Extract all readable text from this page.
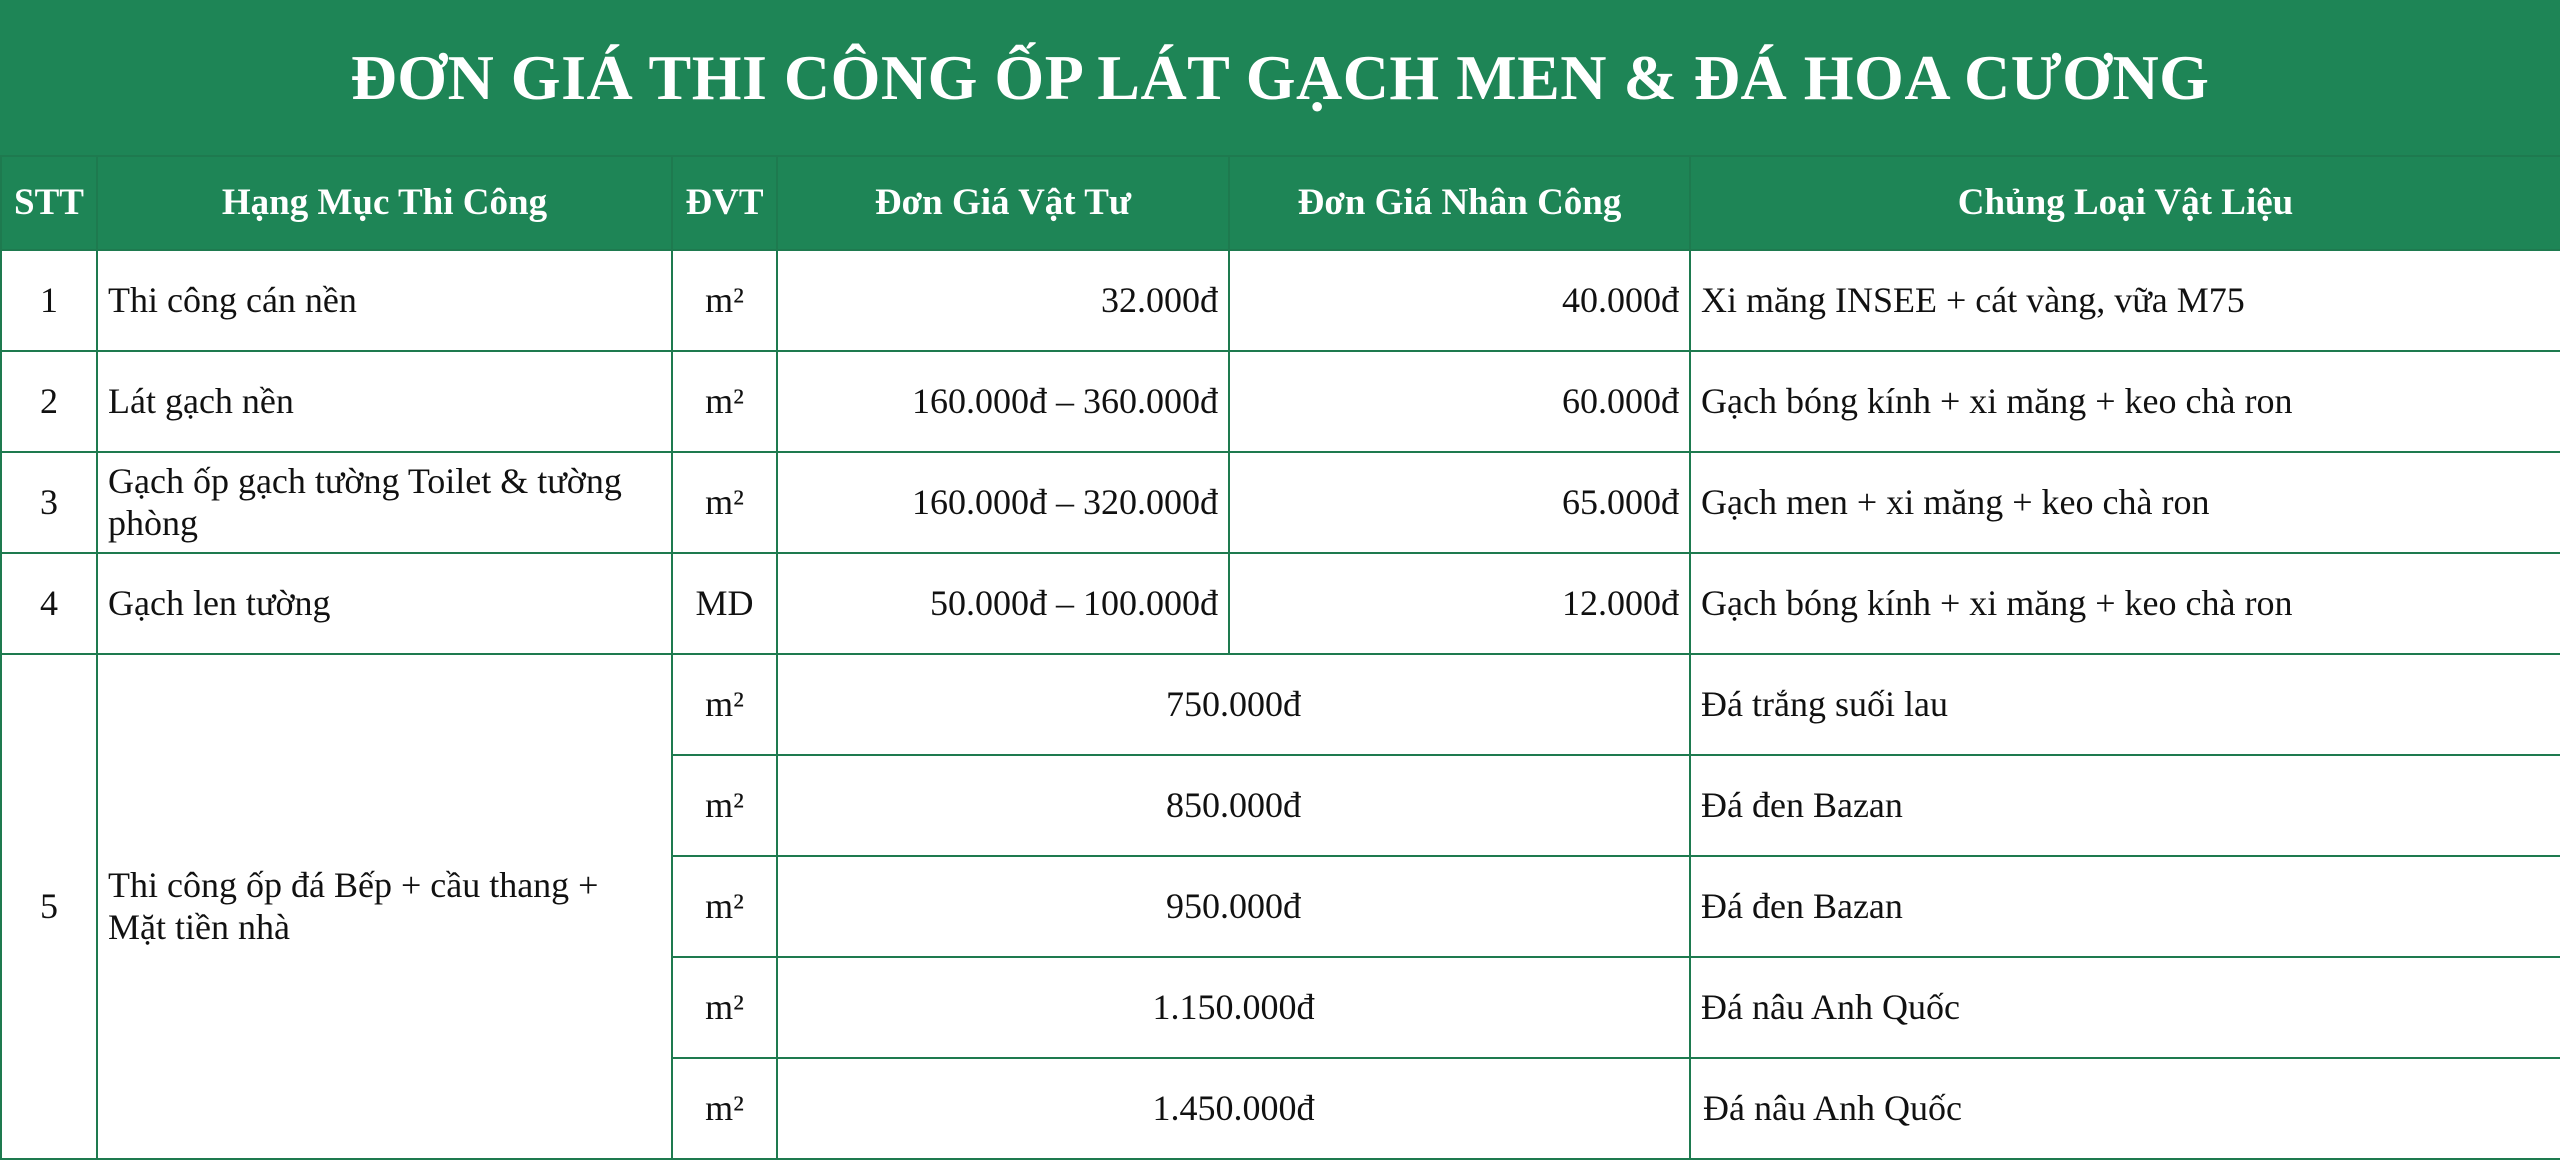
ĐƠN GIÁ THI CÔNG ỐP LÁT GẠCH MEN & ĐÁ HOA CƯƠNG
STT	Hạng Mục Thi Công	ĐVT	Đơn Giá Vật Tư	Đơn Giá Nhân Công	Chủng Loại Vật Liệu
1	Thi công cán nền	m²	32.000đ	40.000đ	Xi măng INSEE + cát vàng, vữa M75
2	Lát gạch nền	m²	160.000đ – 360.000đ	60.000đ	Gạch bóng kính + xi măng + keo chà ron
3	Gạch ốp gạch tường Toilet & tường phòng	m²	160.000đ – 320.000đ	65.000đ	Gạch men + xi măng + keo chà ron
4	Gạch len tường	MD	50.000đ – 100.000đ	12.000đ	Gạch bóng kính + xi măng + keo chà ron
5	Thi công ốp đá Bếp + cầu thang + Mặt tiền nhà	m²	750.000đ		Đá trắng suối lau
		m²	850.000đ		Đá đen Bazan
		m²	950.000đ		Đá đen Bazan
		m²	1.150.000đ		Đá nâu Anh Quốc
		m²	1.450.000đ		Đá nâu Anh Quốc
